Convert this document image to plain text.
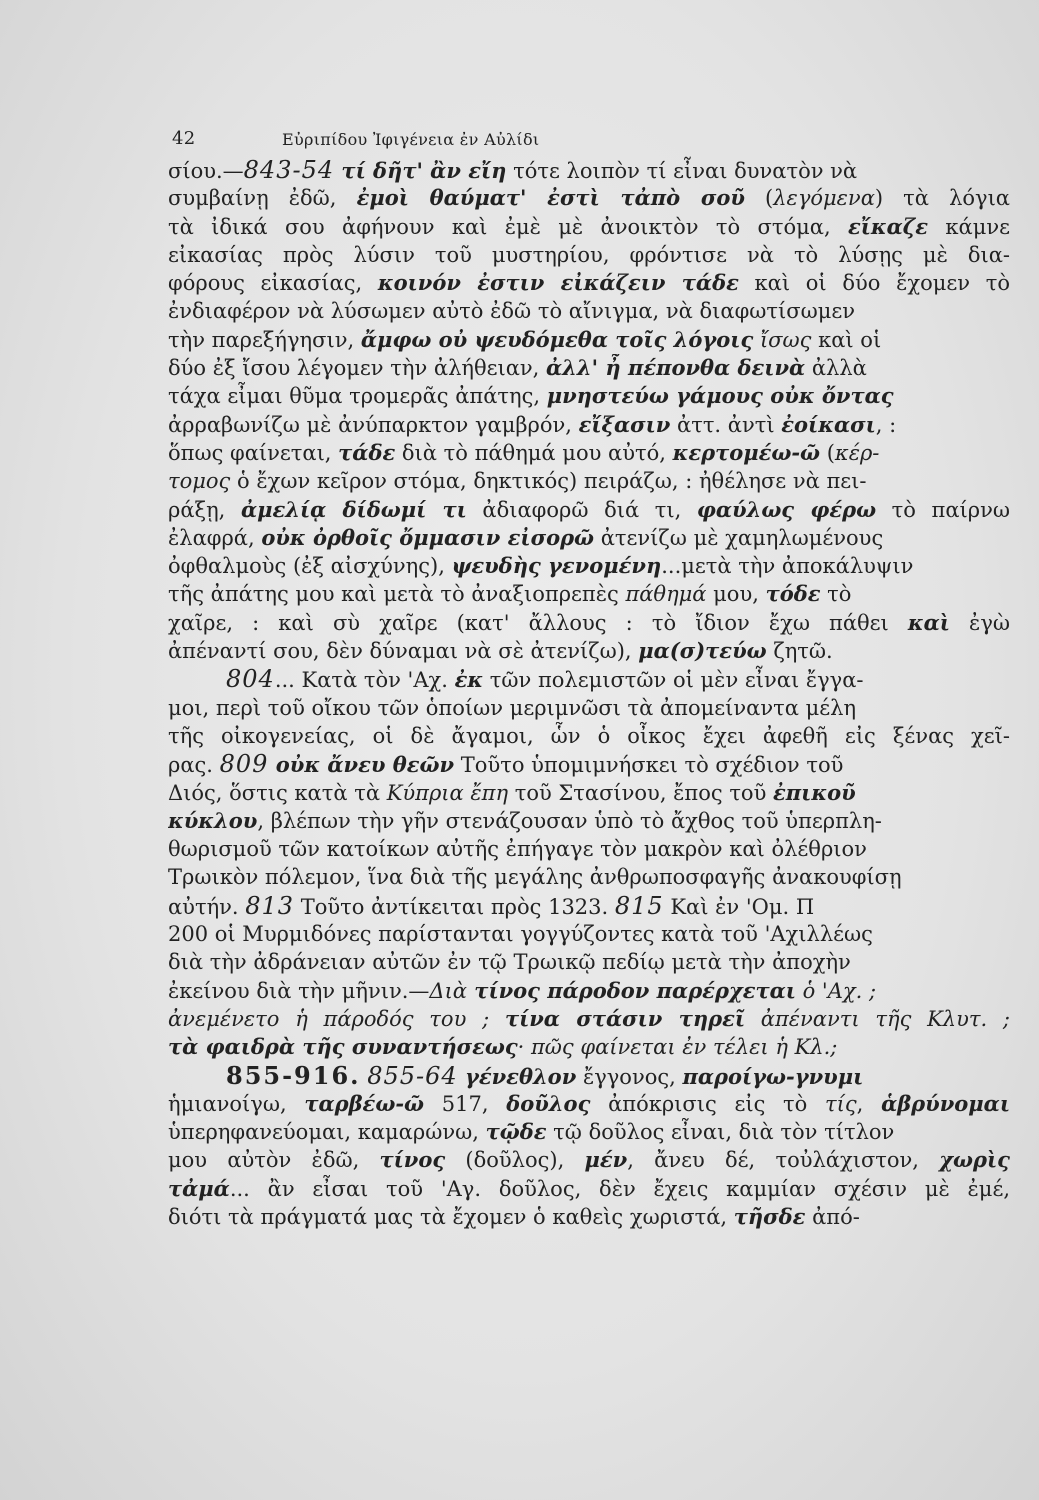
42	Εὐριπίδου Ἰφιγένεια ἐν Αὐλίδι
σίου.—843-54 τί δῆτ' ἂν εἴη τότε λοιπὸν τί εἶναι δυνατὸν νὰ
συμβαίνῃ ἐδῶ, ἐμοὶ θαύματ' ἐστὶ τἀπὸ σοῦ (λεγόμενα) τὰ λόγια
τὰ ἰδικά σου ἀφήνουν καὶ ἐμὲ μὲ ἀνοικτὸν τὸ στόμα, εἴκαζε κάμνε
εἰκασίας πρὸς λύσιν τοῦ μυστηρίου, φρόντισε νὰ τὸ λύσῃς μὲ δια-
φόρους εἰκασίας, κοινόν ἐστιν εἰκάζειν τάδε καὶ οἱ δύο ἔχομεν τὸ
ἐνδιαφέρον νὰ λύσωμεν αὐτὸ ἐδῶ τὸ αἴνιγμα, νὰ διαφωτίσωμεν
τὴν παρεξήγησιν, ἄμφω οὐ ψευδόμεθα τοῖς λόγοις ἴσως καὶ οἱ
δύο ἐξ ἴσου λέγομεν τὴν ἀλήθειαν, ἀλλ' ἦ πέπονθα δεινὰ ἀλλὰ
τάχα εἶμαι θῦμα τρομερᾶς ἀπάτης, μνηστεύω γάμους οὐκ ὄντας
ἀρραβωνίζω μὲ ἀνύπαρκτον γαμβρόν, εἴξασιν ἀττ. ἀντὶ ἐοίκασι, :
ὅπως φαίνεται, τάδε διὰ τὸ πάθημά μου αὐτό, κερτομέω-ῶ (κέρ-
τομος ὁ ἔχων κεῖρον στόμα, δηκτικός) πειράζω, : ἠθέλησε νὰ πει-
ράξῃ, ἀμελίᾳ δίδωμί τι ἀδιαφορῶ διά τι, φαύλως φέρω τὸ παίρνω
ἐλαφρά, οὐκ ὀρθοῖς ὄμμασιν εἰσορῶ ἀτενίζω μὲ χαμηλωμένους
ὀφθαλμοὺς (ἐξ αἰσχύνης), ψευδὴς γενομένη...μετὰ τὴν ἀποκάλυψιν
τῆς ἀπάτης μου καὶ μετὰ τὸ ἀναξιοπρεπὲς πάθημά μου, τόδε τὸ
χαῖρε, : καὶ σὺ χαῖρε (κατ' ἄλλους : τὸ ἴδιον ἔχω πάθει καὶ ἐγὼ
ἀπέναντί σου, δὲν δύναμαι νὰ σὲ ἀτενίζω), μα(σ)τεύω ζητῶ.
804... Κατὰ τὸν 'Αχ. ἐκ τῶν πολεμιστῶν οἱ μὲν εἶναι ἔγγα-
μοι, περὶ τοῦ οἴκου τῶν ὁποίων μεριμνῶσι τὰ ἀπομείναντα μέλη
τῆς οἰκογενείας, οἱ δὲ ἄγαμοι, ὧν ὁ οἶκος ἔχει ἀφεθῆ εἰς ξένας χεῖ-
ρας. 809 οὐκ ἄνευ θεῶν Τοῦτο ὑπομιμνήσκει τὸ σχέδιον τοῦ
Διός, ὅστις κατὰ τὰ Κύπρια ἔπη τοῦ Στασίνου, ἔπος τοῦ ἐπικοῦ
κύκλου, βλέπων τὴν γῆν στενάζουσαν ὑπὸ τὸ ἄχθος τοῦ ὑπερπλη-
θωρισμοῦ τῶν κατοίκων αὐτῆς ἐπήγαγε τὸν μακρὸν καὶ ὀλέθριον
Τρωικὸν πόλεμον, ἵνα διὰ τῆς μεγάλης ἀνθρωποσφαγῆς ἀνακουφίσῃ
αὐτήν. 813 Τοῦτο ἀντίκειται πρὸς 1323. 815 Καὶ ἐν 'Ομ. Π
200 οἱ Μυρμιδόνες παρίστανται γογγύζοντες κατὰ τοῦ 'Αχιλλέως
διὰ τὴν ἀδράνειαν αὐτῶν ἐν τῷ Τρωικῷ πεδίῳ μετὰ τὴν ἀποχὴν
ἐκείνου διὰ τὴν μῆνιν.—Διὰ τίνος πάροδον παρέρχεται ὁ 'Αχ. ;
ἀνεμένετο ἡ πάροδός του ; τίνα στάσιν τηρεῖ ἀπέναντι τῆς Κλυτ. ;
τὰ φαιδρὰ τῆς συναντήσεως· πῶς φαίνεται ἐν τέλει ἡ Κλ.;
855-916. 855-64 γένεθλον ἔγγονος, παροίγω-γνυμι
ἡμιανοίγω, ταρβέω-ῶ 517, δοῦλος ἀπόκρισις εἰς τὸ τίς, ἁβρύνομαι
ὑπερηφανεύομαι, καμαρώνω, τῷδε τῷ δοῦλος εἶναι, διὰ τὸν τίτλον
μου αὐτὸν ἐδῶ, τίνος (δοῦλος), μέν, ἄνευ δέ, τοὐλάχιστον, χωρὶς
τἀμά... ἂν εἶσαι τοῦ 'Αγ. δοῦλος, δὲν ἔχεις καμμίαν σχέσιν μὲ ἐμέ,
διότι τὰ πράγματά μας τὰ ἔχομεν ὁ καθεὶς χωριστά, τῆσδε ἀπό-
